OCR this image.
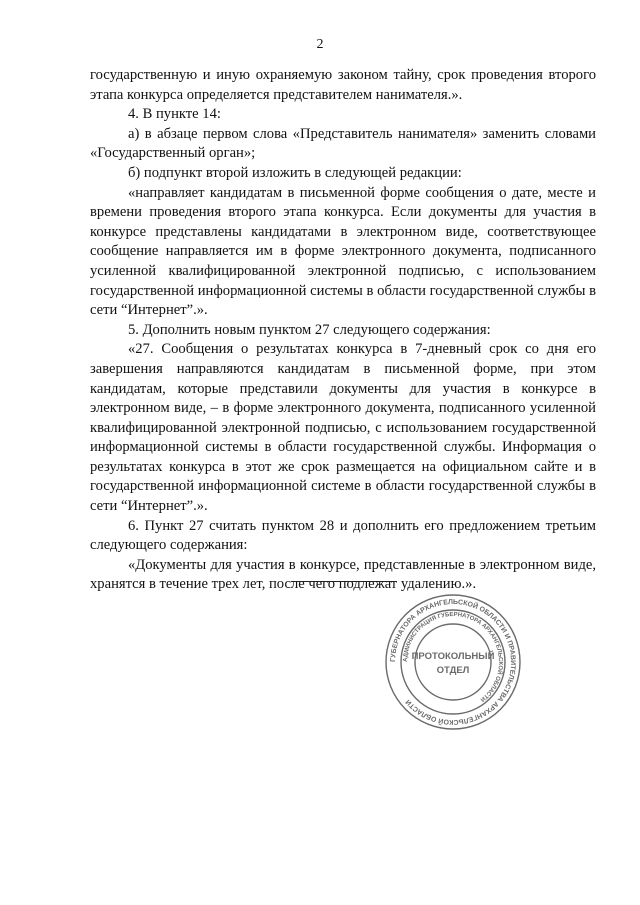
2

государственную и иную охраняемую законом тайну, срок проведения второго этапа конкурса определяется представителем нанимателя.».

4. В пункте 14:

а) в абзаце первом слова «Представитель нанимателя» заменить словами «Государственный орган»;

б) подпункт второй изложить в следующей редакции:

«направляет кандидатам в письменной форме сообщения о дате, месте и времени проведения второго этапа конкурса. Если документы для участия в конкурсе представлены кандидатами в электронном виде, соответствующее сообщение направляется им в форме электронного документа, подписанного усиленной квалифицированной электронной подписью, с использованием государственной информационной системы в области государственной службы в сети “Интернет”.».

5. Дополнить новым пунктом 27 следующего содержания:

«27. Сообщения о результатах конкурса в 7-дневный срок со дня его завершения направляются кандидатам в письменной форме, при этом кандидатам, которые представили документы для участия в конкурсе в электронном виде, – в форме электронного документа, подписанного усиленной квалифицированной электронной подписью, с использованием государственной информационной системы в области государственной службы. Информация о результатах конкурса в этот же срок размещается на официальном сайте и в государственной информационной системе в области государственной службы в сети “Интернет”.».

6. Пункт 27 считать пунктом 28 и дополнить его предложением третьим следующего содержания:

«Документы для участия в конкурсе, представленные в электронном виде, хранятся в течение трех лет, после чего подлежат удалению.».

ГУБЕРНАТОРА АРХАНГЕЛЬСКОЙ ОБЛАСТИ И ПРАВИТЕЛЬСТВА АРХАНГЕЛЬСКОЙ ОБЛАСТИ
АДМИНИСТРАЦИЯ ГУБЕРНАТОРА АРХАНГЕЛЬСКОЙ ОБЛАСТИ
ПРОТОКОЛЬНЫЙ
ОТДЕЛ
